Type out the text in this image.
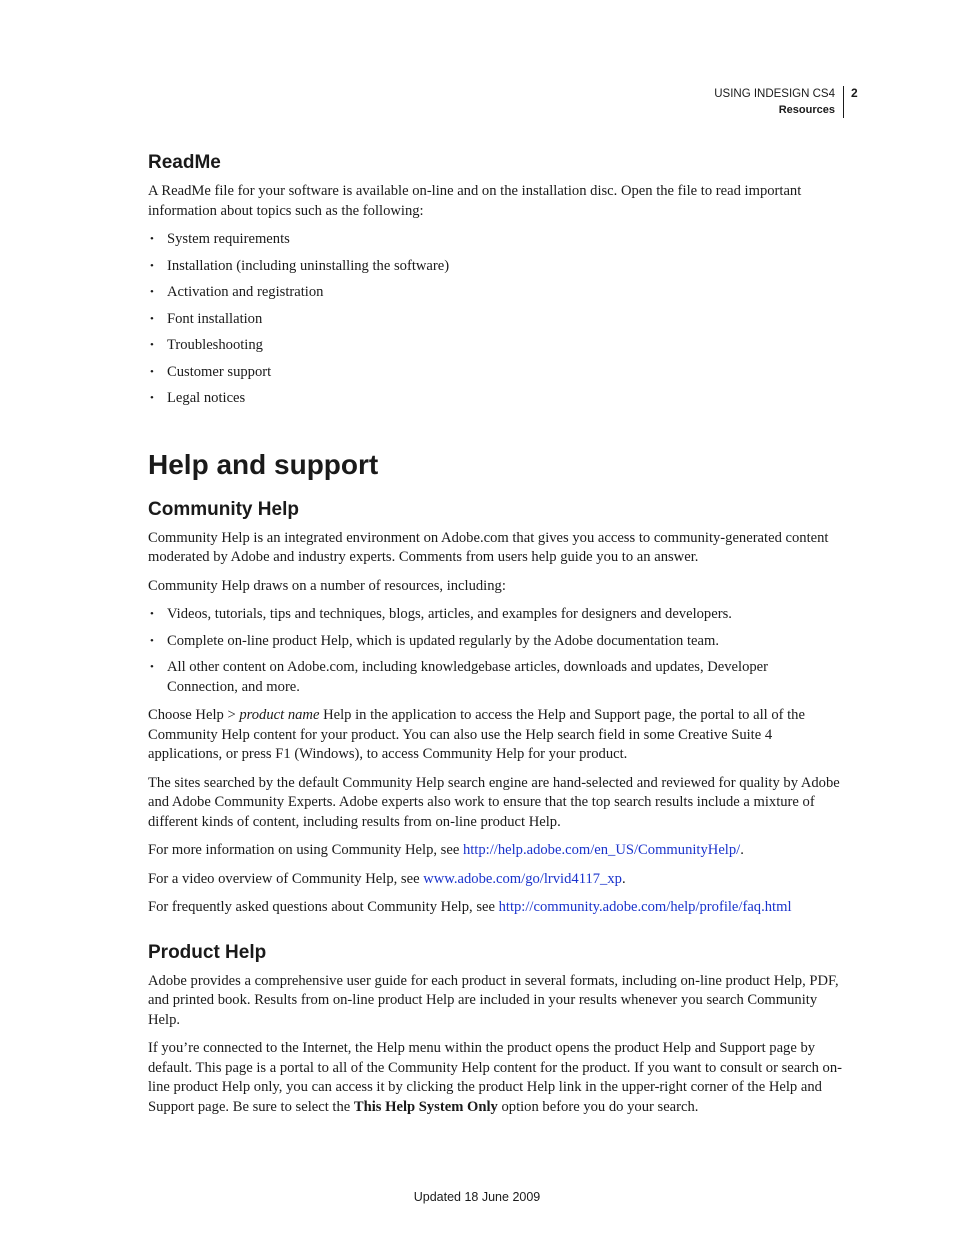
USING INDESIGN CS4
Resources
2
ReadMe

A ReadMe file for your software is available on-line and on the installation disc. Open the file to read important information about topics such as the following:

• System requirements
• Installation (including uninstalling the software)
• Activation and registration
• Font installation
• Troubleshooting
• Customer support
• Legal notices
Help and support
Community Help

Community Help is an integrated environment on Adobe.com that gives you access to community-generated content moderated by Adobe and industry experts. Comments from users help guide you to an answer.

Community Help draws on a number of resources, including:

• Videos, tutorials, tips and techniques, blogs, articles, and examples for designers and developers.
• Complete on-line product Help, which is updated regularly by the Adobe documentation team.
• All other content on Adobe.com, including knowledgebase articles, downloads and updates, Developer Connection, and more.

Choose Help > product name Help in the application to access the Help and Support page, the portal to all of the Community Help content for your product. You can also use the Help search field in some Creative Suite 4 applications, or press F1 (Windows), to access Community Help for your product.

The sites searched by the default Community Help search engine are hand-selected and reviewed for quality by Adobe and Adobe Community Experts. Adobe experts also work to ensure that the top search results include a mixture of different kinds of content, including results from on-line product Help.

For more information on using Community Help, see http://help.adobe.com/en_US/CommunityHelp/.

For a video overview of Community Help, see www.adobe.com/go/lrvid4117_xp.

For frequently asked questions about Community Help, see http://community.adobe.com/help/profile/faq.html

Product Help

Adobe provides a comprehensive user guide for each product in several formats, including on-line product Help, PDF, and printed book. Results from on-line product Help are included in your results whenever you search Community Help.

If you’re connected to the Internet, the Help menu within the product opens the product Help and Support page by default. This page is a portal to all of the Community Help content for the product. If you want to consult or search on-line product Help only, you can access it by clicking the product Help link in the upper-right corner of the Help and Support page. Be sure to select the This Help System Only option before you do your search.

Updated 18 June 2009
